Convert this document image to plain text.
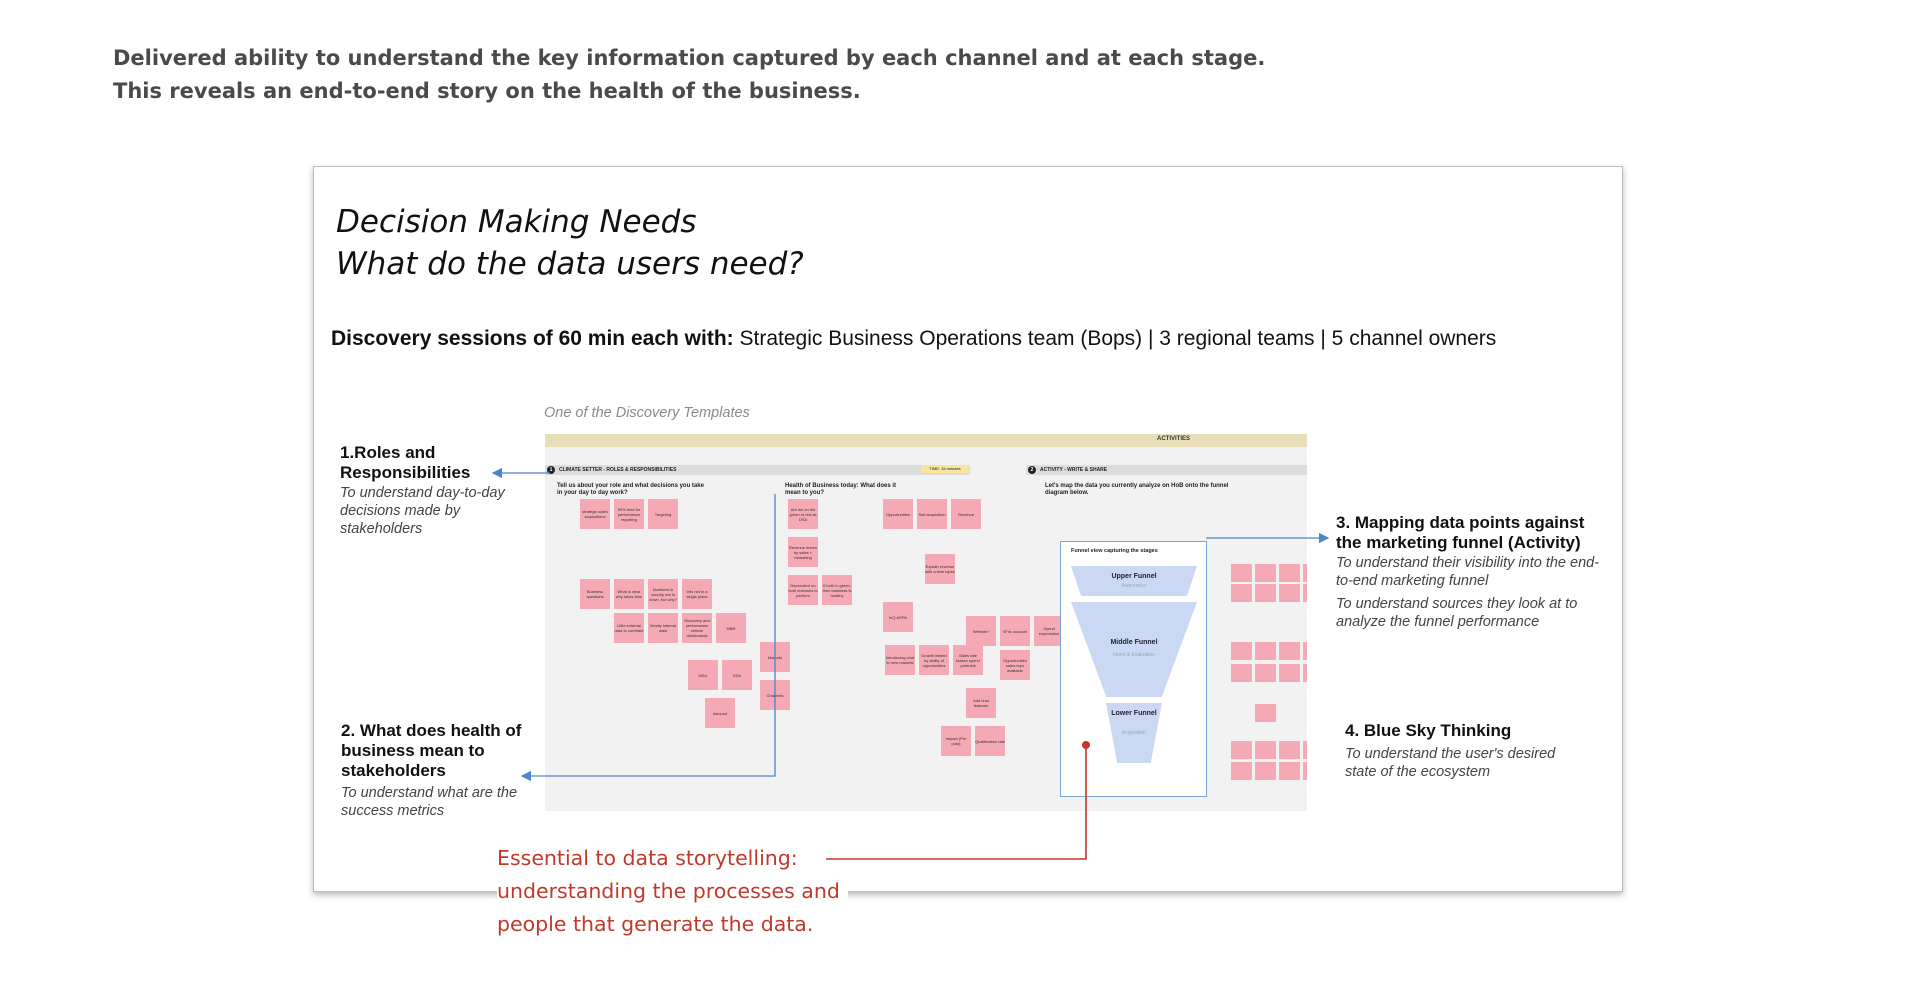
Delivered ability to understand the key information captured by each channel and at each stage.
This reveals an end-to-end story on the health of the business.
Decision Making Needs
What do the data users need?
Discovery sessions of 60 min each with: Strategic Business Operations team (Bops) | 3 regional teams | 5 channel owners
One of the Discovery Templates
ACTIVITIES
1	CLIMATE SETTER - ROLES & RESPONSIBILITIES	TIME: 15 minutes	2	ACTIVITY - WRITE & SHARE
Tell us about your role and what decisions you take in your day to day work?
Health of Business today: What does it mean to you?
Let's map the data you currently analyze on HoB onto the funnel diagram below.
strategic sales acquisitions
90% time for performance reporting
Targeting
Business questions
What is clear why takes time
Numbers in country are is down, but why?
Info not in a single place
Little external data to correlate
Mostly internal data
Discovery and performance vehicle dashboards
MBR
MSU	DSA
Inbound
Markets
Channels
Are we on the green or red as DSA
Revenue driven by sales + marketing
Dependent on both channels to perform
If both in green, then business is healthy
Opportunities	Self-acquisition	Revenue
Explain revenue with a time lapse
InQ ARPA
Introducing chat to new markets
Growth limited by ability of opportunities
Sales rate biases spend potential
Website?	SFdc account	Spend expectation
Opportunities sales reps available
Add chat features
Impact (Per post)	Qualification rate
Funnel view capturing the stages
Upper Funnel
Awareness
Middle Funnel
Intent & Evaluation
Lower Funnel
Acquisition
1.Roles and Responsibilities
To understand day-to-day decisions made by stakeholders
2. What does health of business mean to stakeholders
To understand what are the success metrics
3. Mapping data points against the marketing funnel (Activity)
To understand their visibility into the end-to-end marketing funnel
To understand sources they look at to analyze the funnel performance
4. Blue Sky Thinking
To understand the user's desired state of the ecosystem
Essential to data storytelling:
understanding the processes and
people that generate the data.
